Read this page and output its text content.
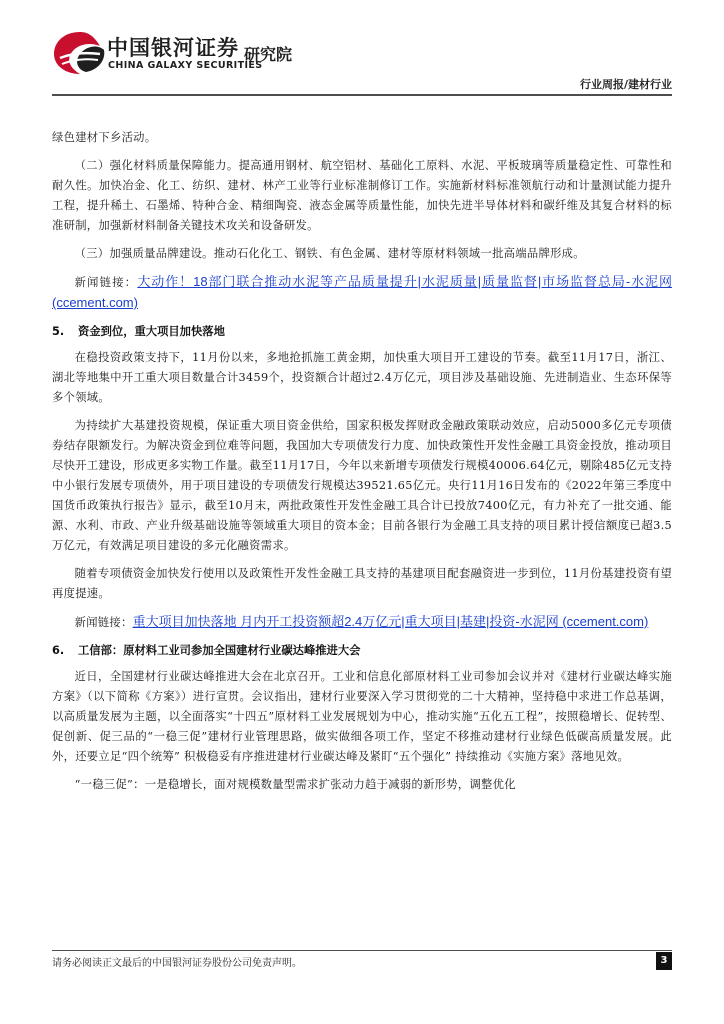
中国银河证券
CHINA GALAXY SECURITIES
研究院
行业周报/建材行业

绿色建材下乡活动。

（二）强化材料质量保障能力。提高通用钢材、航空铝材、基础化工原料、水泥、平板玻璃等质量稳定性、可靠性和耐久性。加快冶金、化工、纺织、建材、林产工业等行业标准制修订工作。实施新材料标准领航行动和计量测试能力提升工程，提升稀土、石墨烯、特种合金、精细陶瓷、液态金属等质量性能，加快先进半导体材料和碳纤维及其复合材料的标准研制，加强新材料制备关键技术攻关和设备研发。

（三）加强质量品牌建设。推动石化化工、钢铁、有色金属、建材等原材料领域一批高端品牌形成。

新闻链接：大动作！18部门联合推动水泥等产品质量提升|水泥质量|质量监督|市场监督总局-水泥网 (ccement.com)

5. 资金到位，重大项目加快落地

在稳投资政策支持下，11月份以来，多地抢抓施工黄金期，加快重大项目开工建设的节奏。截至11月17日，浙江、湖北等地集中开工重大项目数量合计3459个，投资额合计超过2.4万亿元，项目涉及基础设施、先进制造业、生态环保等多个领域。

为持续扩大基建投资规模，保证重大项目资金供给，国家积极发挥财政金融政策联动效应，启动5000多亿元专项债券结存限额发行。为解决资金到位难等问题，我国加大专项债发行力度、加快政策性开发性金融工具资金投放，推动项目尽快开工建设，形成更多实物工作量。截至11月17日，今年以来新增专项债发行规模40006.64亿元，剔除485亿元支持中小银行发展专项债外，用于项目建设的专项债发行规模达39521.65亿元。央行11月16日发布的《2022年第三季度中国货币政策执行报告》显示，截至10月末，两批政策性开发性金融工具合计已投放7400亿元，有力补充了一批交通、能源、水利、市政、产业升级基础设施等领域重大项目的资本金；目前各银行为金融工具支持的项目累计授信额度已超3.5万亿元，有效满足项目建设的多元化融资需求。

随着专项债资金加快发行使用以及政策性开发性金融工具支持的基建项目配套融资进一步到位，11月份基建投资有望再度提速。

新闻链接：重大项目加快落地 月内开工投资额超2.4万亿元|重大项目|基建|投资-水泥网 (ccement.com)

6. 工信部：原材料工业司参加全国建材行业碳达峰推进大会

近日，全国建材行业碳达峰推进大会在北京召开。工业和信息化部原材料工业司参加会议并对《建材行业碳达峰实施方案》（以下简称《方案》）进行宣贯。会议指出，建材行业要深入学习贯彻党的二十大精神，坚持稳中求进工作总基调，以高质量发展为主题，以全面落实“十四五”原材料工业发展规划为中心，推动实施“五化五工程”，按照稳增长、促转型、促创新、促三品的“一稳三促”建材行业管理思路，做实做细各项工作，坚定不移推动建材行业绿色低碳高质量发展。此外，还要立足“四个统筹” 积极稳妥有序推进建材行业碳达峰及紧盯“五个强化” 持续推动《实施方案》落地见效。

“一稳三促”：一是稳增长，面对规模数量型需求扩张动力趋于减弱的新形势，调整优化

请务必阅读正文最后的中国银河证券股份公司免责声明。	3
